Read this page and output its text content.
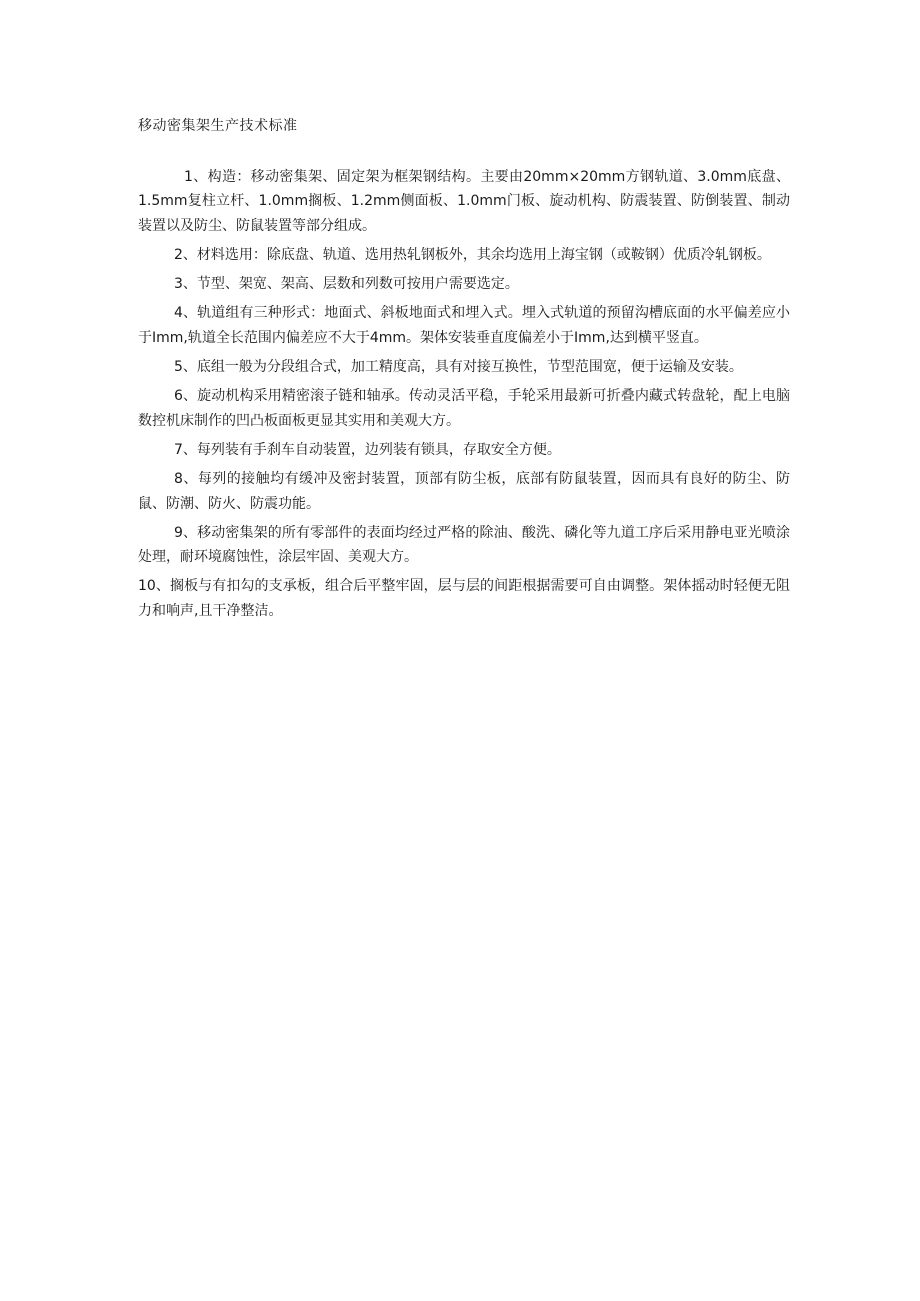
移动密集架生产技术标准

1、构造：移动密集架、固定架为框架钢结构。主要由20mm×20mm方钢轨道、3.0mm底盘、1.5mm复柱立杆、1.0mm搁板、1.2mm侧面板、1.0mm门板、旋动机构、防震装置、防倒装置、制动装置以及防尘、防鼠装置等部分组成。

2、材料选用：除底盘、轨道、选用热轧钢板外，其余均选用上海宝钢（或鞍钢）优质冷轧钢板。

3、节型、架宽、架高、层数和列数可按用户需要选定。

4、轨道组有三种形式：地面式、斜板地面式和埋入式。埋入式轨道的预留沟槽底面的水平偏差应小于Imm,轨道全长范围内偏差应不大于4mm。架体安装垂直度偏差小于Imm,达到横平竖直。

5、底组一般为分段组合式，加工精度高，具有对接互换性，节型范围宽，便于运输及安装。

6、旋动机构采用精密滚子链和轴承。传动灵活平稳，手轮采用最新可折叠内藏式转盘轮，配上电脑数控机床制作的凹凸板面板更显其实用和美观大方。

7、每列装有手刹车自动装置，边列装有锁具，存取安全方便。

8、每列的接触均有缓冲及密封装置，顶部有防尘板，底部有防鼠装置，因而具有良好的防尘、防鼠、防潮、防火、防震功能。

9、移动密集架的所有零部件的表面均经过严格的除油、酸洗、磷化等九道工序后采用静电亚光喷涂处理，耐环境腐蚀性，涂层牢固、美观大方。

10、搁板与有扣勾的支承板，组合后平整牢固，层与层的间距根据需要可自由调整。架体摇动时轻便无阻力和响声,且干净整洁。
